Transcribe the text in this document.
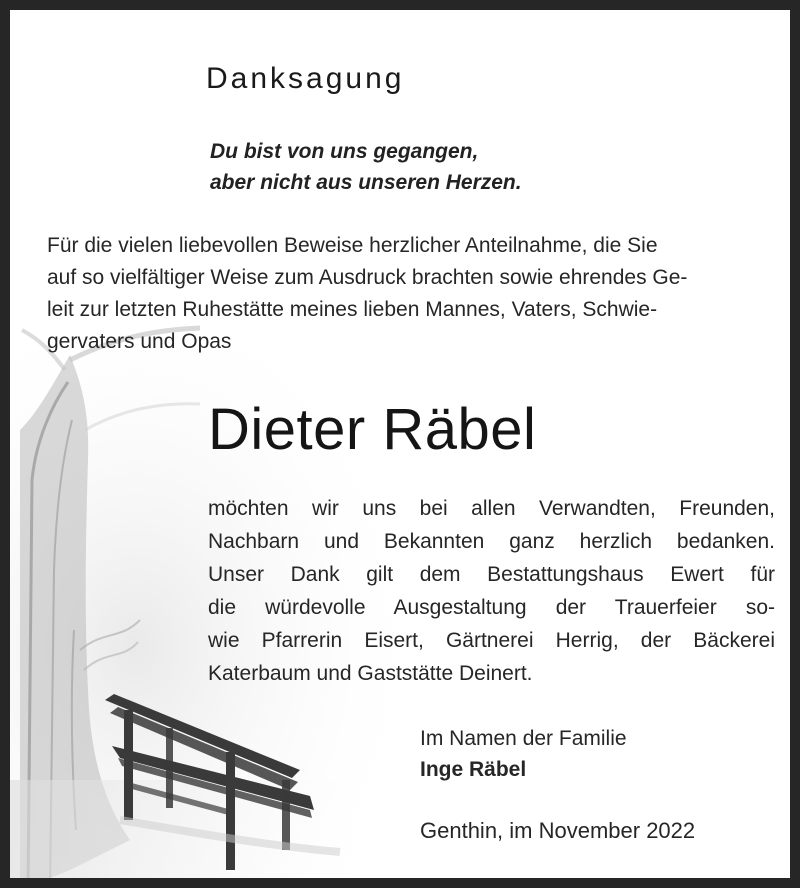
Danksagung

Du bist von uns gegangen,
aber nicht aus unseren Herzen.

Für die vielen liebevollen Beweise herzlicher Anteilnahme, die Sie
auf so vielfältiger Weise zum Ausdruck brachten sowie ehrendes Ge-
leit zur letzten Ruhestätte meines lieben Mannes, Vaters, Schwie-
gervaters und Opas

Dieter Räbel

möchten wir uns bei allen Verwandten, Freunden,
Nachbarn und Bekannten ganz herzlich bedanken.
Unser Dank gilt dem Bestattungshaus Ewert für
die würdevolle Ausgestaltung der Trauerfeier so-
wie Pfarrerin Eisert, Gärtnerei Herrig, der Bäckerei
Katerbaum und Gaststätte Deinert.

Im Namen der Familie
Inge Räbel

Genthin, im November 2022
